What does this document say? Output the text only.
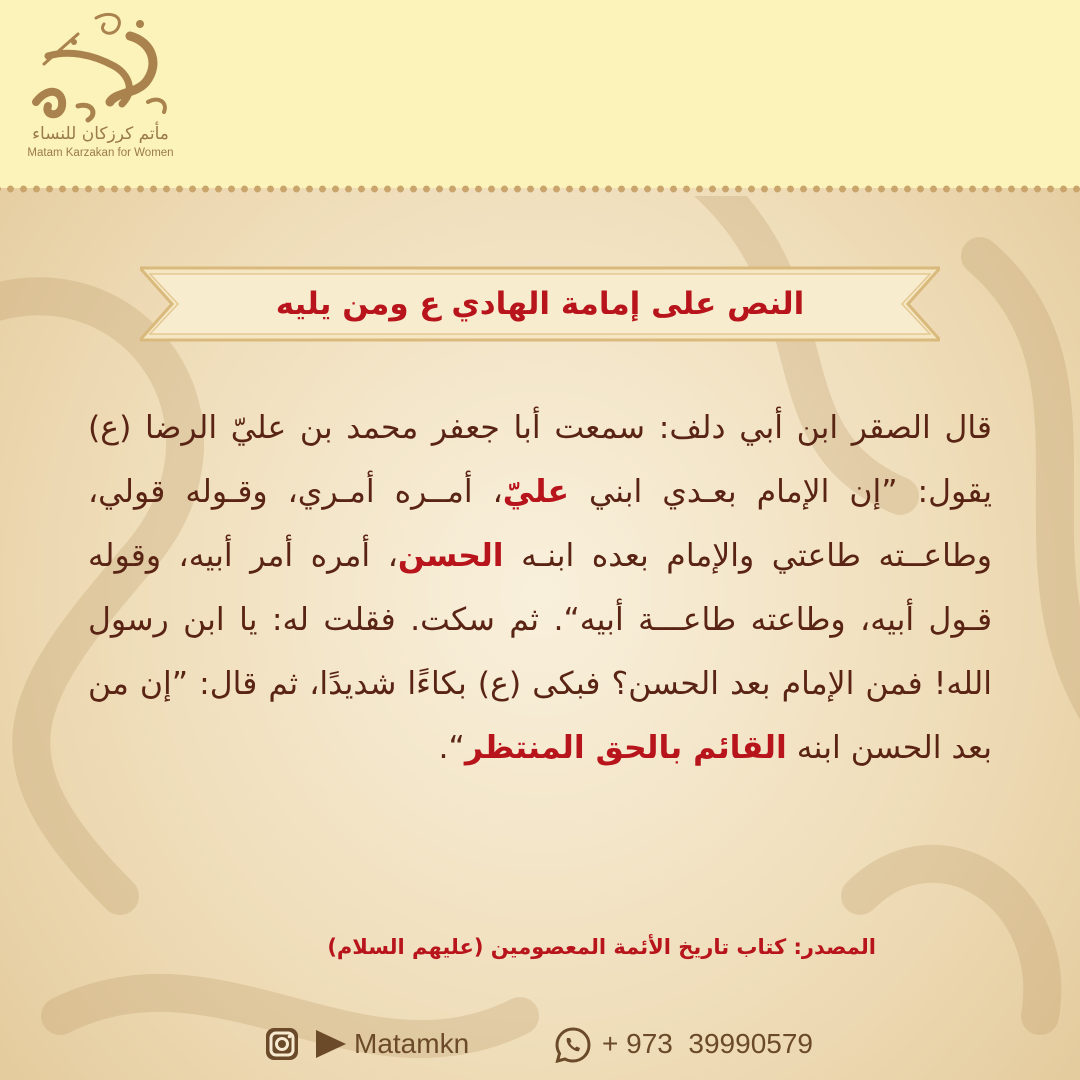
مأتم كرزكان للنساء
Matam Karzakan for Women
النص على إمامة الهادي ع ومن يليه
قال الصقر ابن أبي دلف: سمعت أبا جعفر محمد بن عليّ الرضا (ع) يقول: ”إن الإمام بعـدي ابني عليّ، أمــره أمـري، وقـوله قولي، وطاعــته طاعتي والإمام بعده ابنـه الحسن، أمره أمر أبيه، وقوله قـول أبيه، وطاعته طاعـــة أبيه“. ثم سكت. فقلت له: يا ابن رسول الله! فمن الإمام بعد الحسن؟ فبكى (ع) بكاءًا شديدًا، ثم قال: ”إن من بعد الحسن ابنه القائم بالحق المنتظر“.
المصدر: كتاب تاريخ الأئمة المعصومين (عليهم السلام)
Matamkn	+ 973  39990579
